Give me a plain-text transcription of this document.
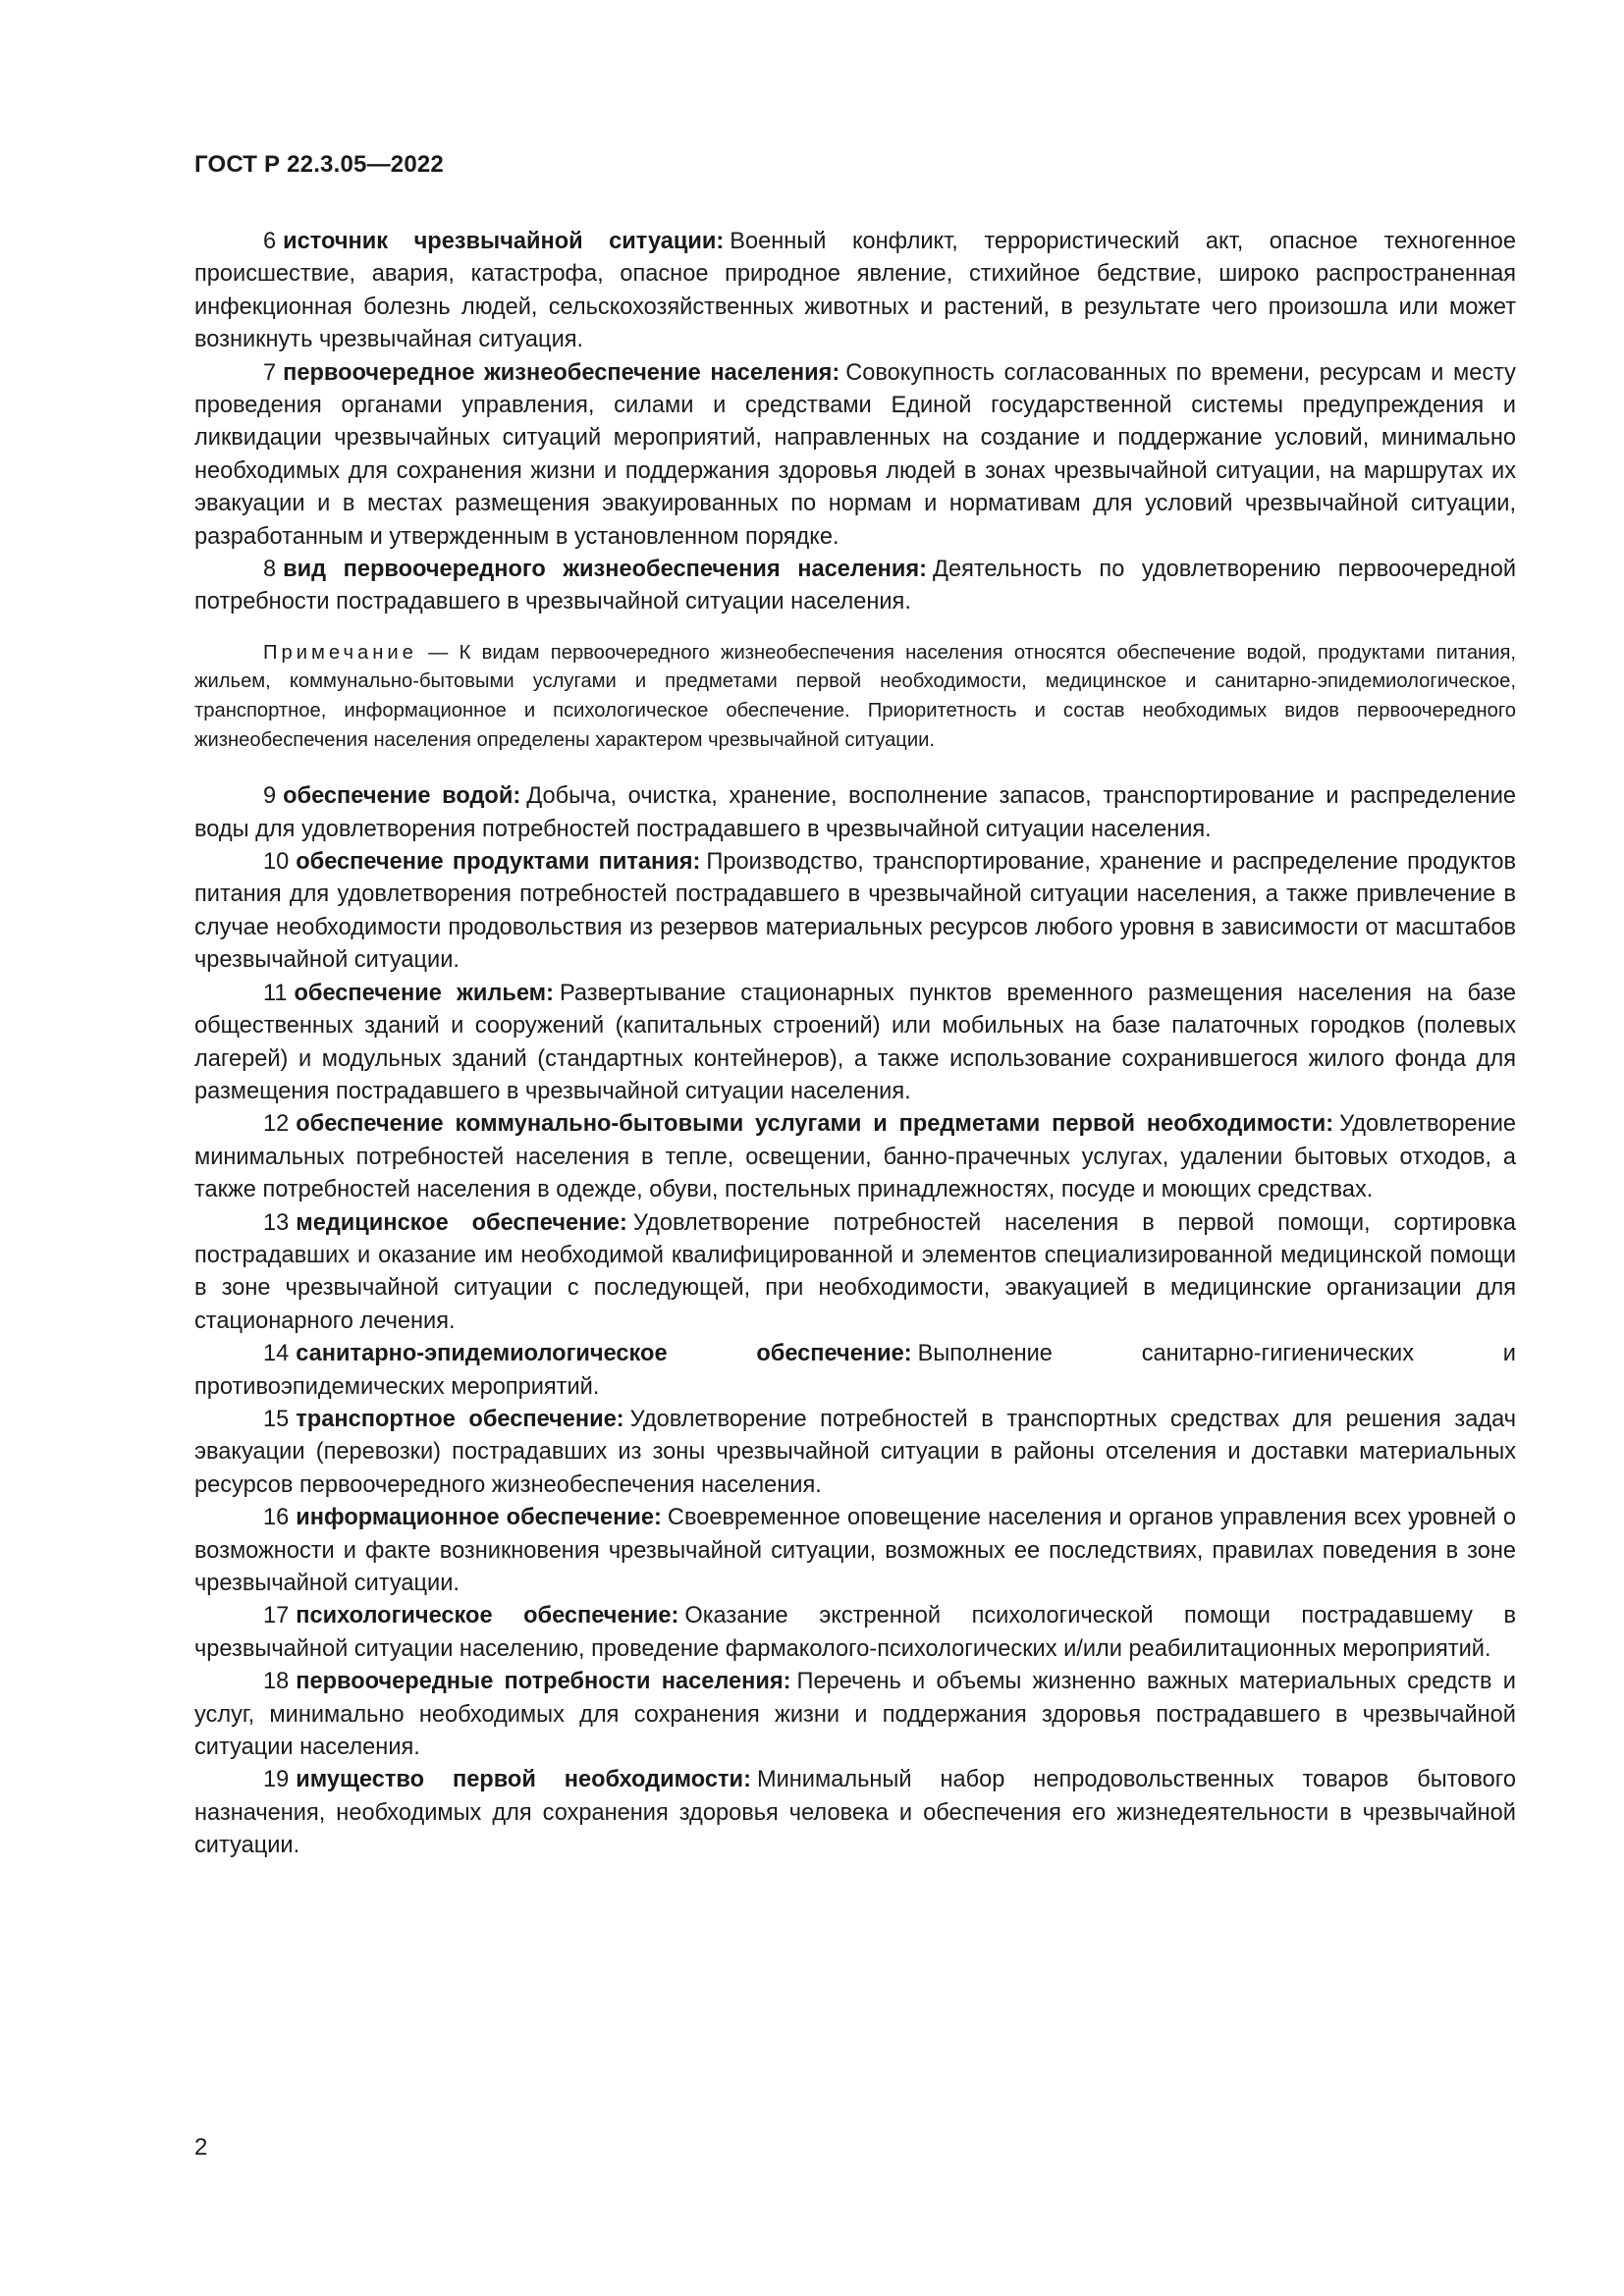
ГОСТ Р 22.3.05—2022

6 источник чрезвычайной ситуации: Военный конфликт, террористический акт, опасное техногенное происшествие, авария, катастрофа, опасное природное явление, стихийное бедствие, широко распространенная инфекционная болезнь людей, сельскохозяйственных животных и растений, в результате чего произошла или может возникнуть чрезвычайная ситуация.

7 первоочередное жизнеобеспечение населения: Совокупность согласованных по времени, ресурсам и месту проведения органами управления, силами и средствами Единой государственной системы предупреждения и ликвидации чрезвычайных ситуаций мероприятий, направленных на создание и поддержание условий, минимально необходимых для сохранения жизни и поддержания здоровья людей в зонах чрезвычайной ситуации, на маршрутах их эвакуации и в местах размещения эвакуированных по нормам и нормативам для условий чрезвычайной ситуации, разработанным и утвержденным в установленном порядке.

8 вид первоочередного жизнеобеспечения населения: Деятельность по удовлетворению первоочередной потребности пострадавшего в чрезвычайной ситуации населения.

Примечание — К видам первоочередного жизнеобеспечения населения относятся обеспечение водой, продуктами питания, жильем, коммунально-бытовыми услугами и предметами первой необходимости, медицинское и санитарно-эпидемиологическое, транспортное, информационное и психологическое обеспечение. Приоритетность и состав необходимых видов первоочередного жизнеобеспечения населения определены характером чрезвычайной ситуации.

9 обеспечение водой: Добыча, очистка, хранение, восполнение запасов, транспортирование и распределение воды для удовлетворения потребностей пострадавшего в чрезвычайной ситуации населения.

10 обеспечение продуктами питания: Производство, транспортирование, хранение и распределение продуктов питания для удовлетворения потребностей пострадавшего в чрезвычайной ситуации населения, а также привлечение в случае необходимости продовольствия из резервов материальных ресурсов любого уровня в зависимости от масштабов чрезвычайной ситуации.

11 обеспечение жильем: Развертывание стационарных пунктов временного размещения населения на базе общественных зданий и сооружений (капитальных строений) или мобильных на базе палаточных городков (полевых лагерей) и модульных зданий (стандартных контейнеров), а также использование сохранившегося жилого фонда для размещения пострадавшего в чрезвычайной ситуации населения.

12 обеспечение коммунально-бытовыми услугами и предметами первой необходимости: Удовлетворение минимальных потребностей населения в тепле, освещении, банно-прачечных услугах, удалении бытовых отходов, а также потребностей населения в одежде, обуви, постельных принадлежностях, посуде и моющих средствах.

13 медицинское обеспечение: Удовлетворение потребностей населения в первой помощи, сортировка пострадавших и оказание им необходимой квалифицированной и элементов специализированной медицинской помощи в зоне чрезвычайной ситуации с последующей, при необходимости, эвакуацией в медицинские организации для стационарного лечения.

14 санитарно-эпидемиологическое обеспечение: Выполнение санитарно-гигиенических и противоэпидемических мероприятий.

15 транспортное обеспечение: Удовлетворение потребностей в транспортных средствах для решения задач эвакуации (перевозки) пострадавших из зоны чрезвычайной ситуации в районы отселения и доставки материальных ресурсов первоочередного жизнеобеспечения населения.

16 информационное обеспечение: Своевременное оповещение населения и органов управления всех уровней о возможности и факте возникновения чрезвычайной ситуации, возможных ее последствиях, правилах поведения в зоне чрезвычайной ситуации.

17 психологическое обеспечение: Оказание экстренной психологической помощи пострадавшему в чрезвычайной ситуации населению, проведение фармаколого-психологических и/или реабилитационных мероприятий.

18 первоочередные потребности населения: Перечень и объемы жизненно важных материальных средств и услуг, минимально необходимых для сохранения жизни и поддержания здоровья пострадавшего в чрезвычайной ситуации населения.

19 имущество первой необходимости: Минимальный набор непродовольственных товаров бытового назначения, необходимых для сохранения здоровья человека и обеспечения его жизнедеятельности в чрезвычайной ситуации.

2
